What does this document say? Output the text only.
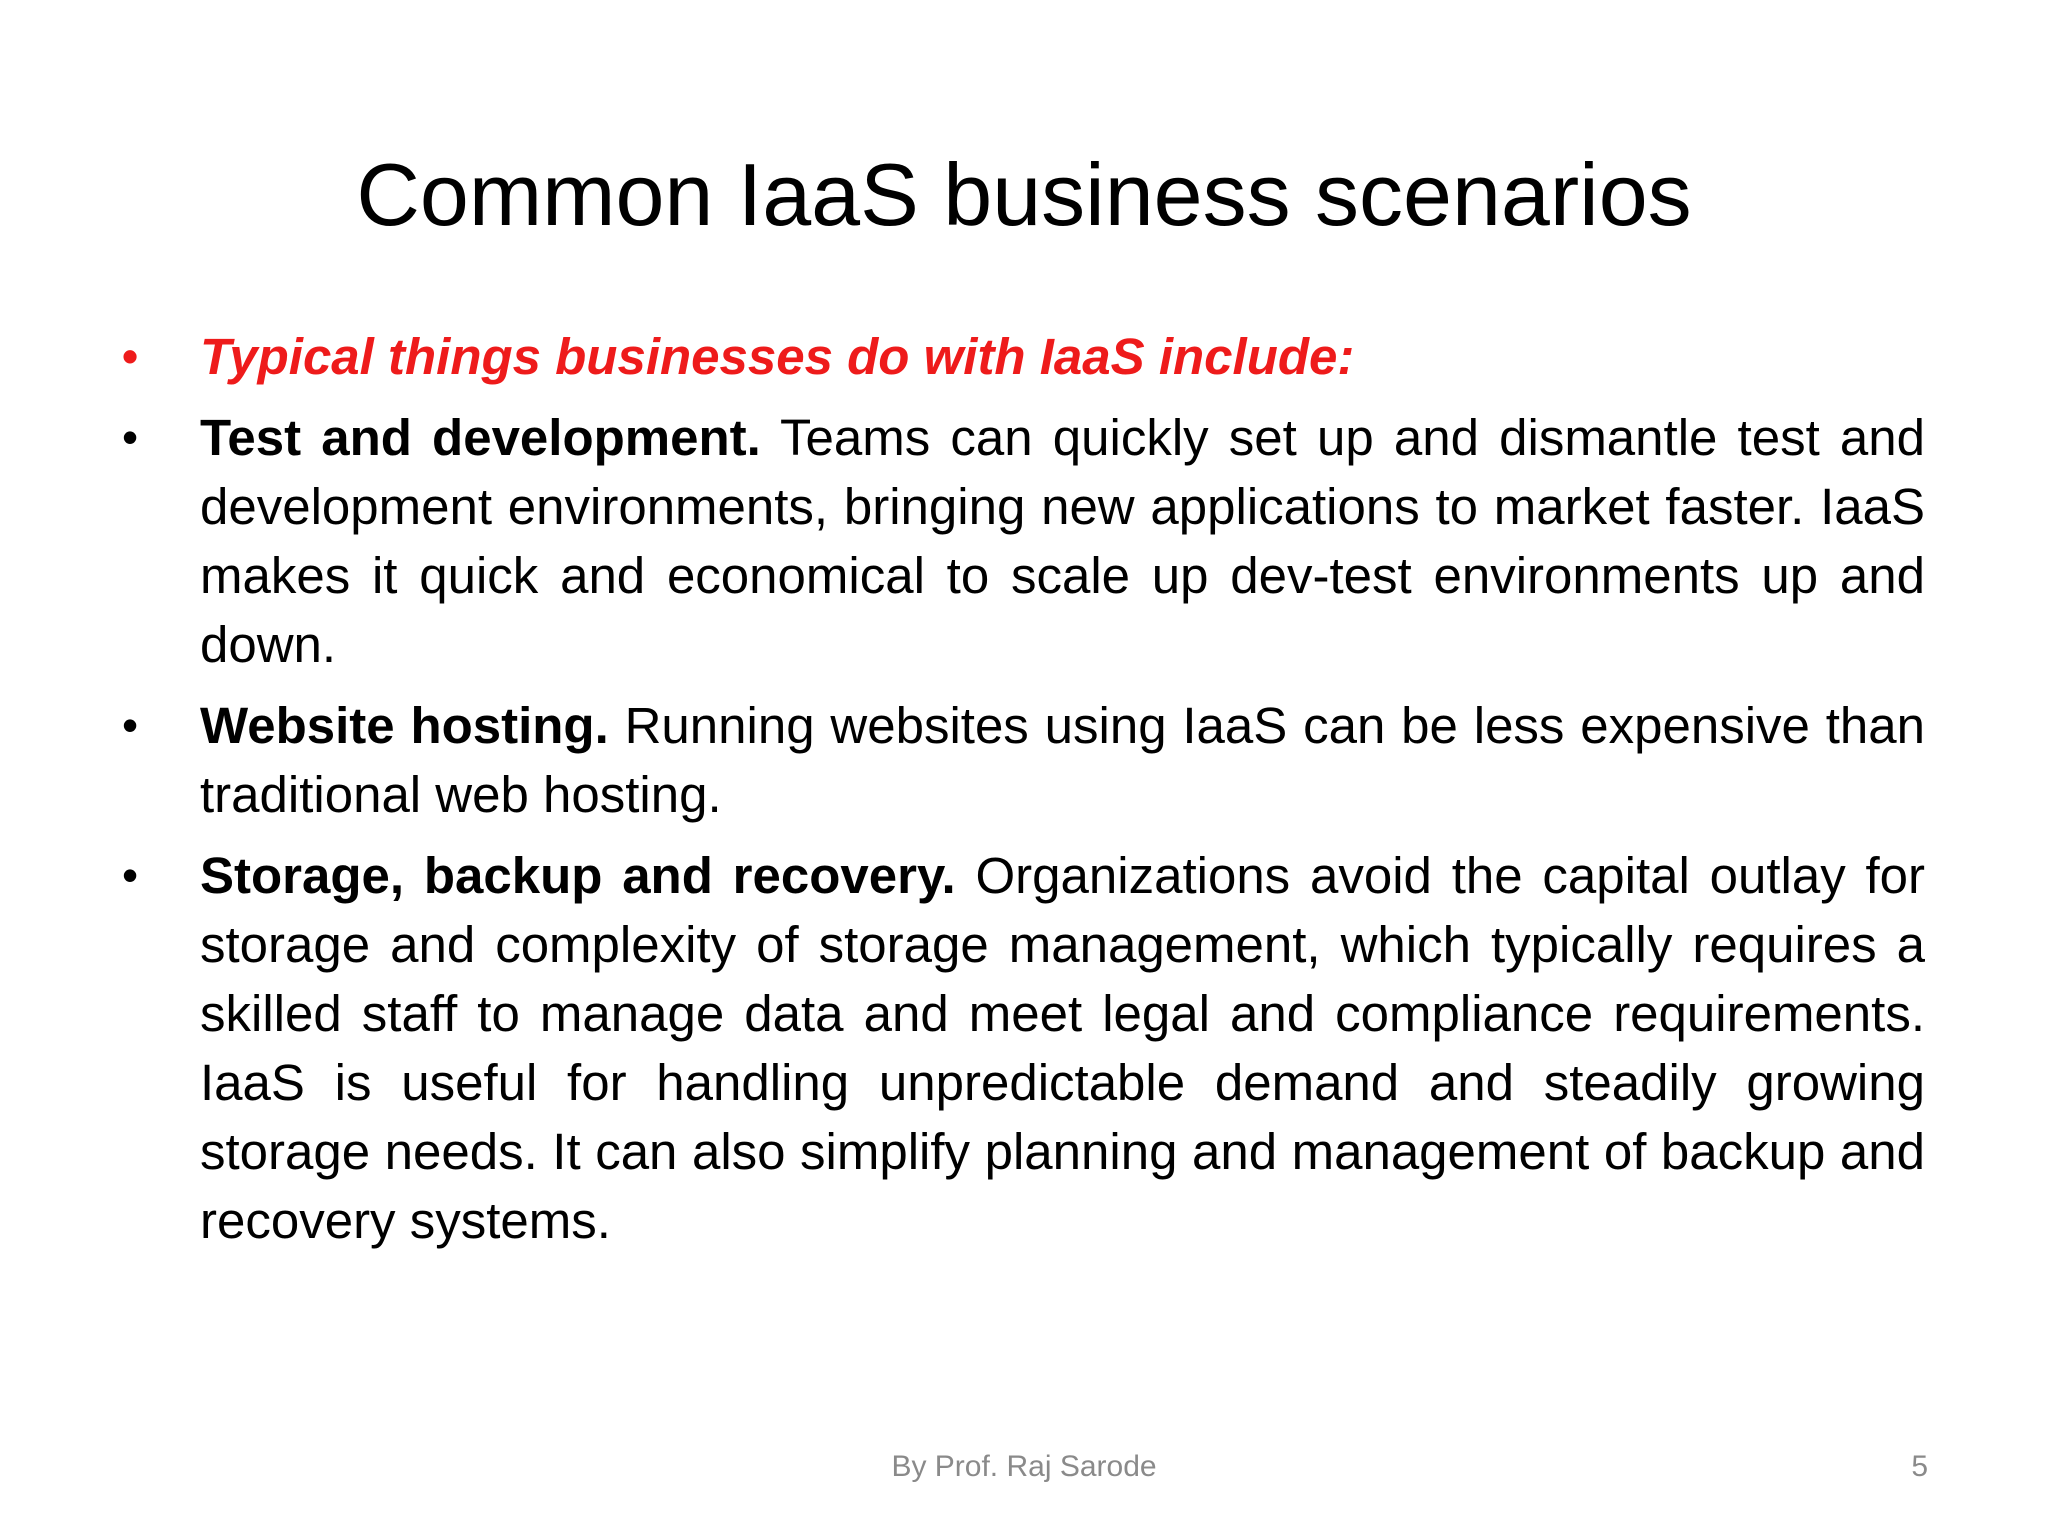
Common IaaS business scenarios
• Typical things businesses do with IaaS include:
• Test and development. Teams can quickly set up and dismantle test and development environments, bringing new applications to market faster. IaaS makes it quick and economical to scale up dev-test environments up and down.
• Website hosting. Running websites using IaaS can be less expensive than traditional web hosting.
• Storage, backup and recovery. Organizations avoid the capital outlay for storage and complexity of storage management, which typically requires a skilled staff to manage data and meet legal and compliance requirements. IaaS is useful for handling unpredictable demand and steadily growing storage needs. It can also simplify planning and management of backup and recovery systems.
By Prof. Raj Sarode	5
